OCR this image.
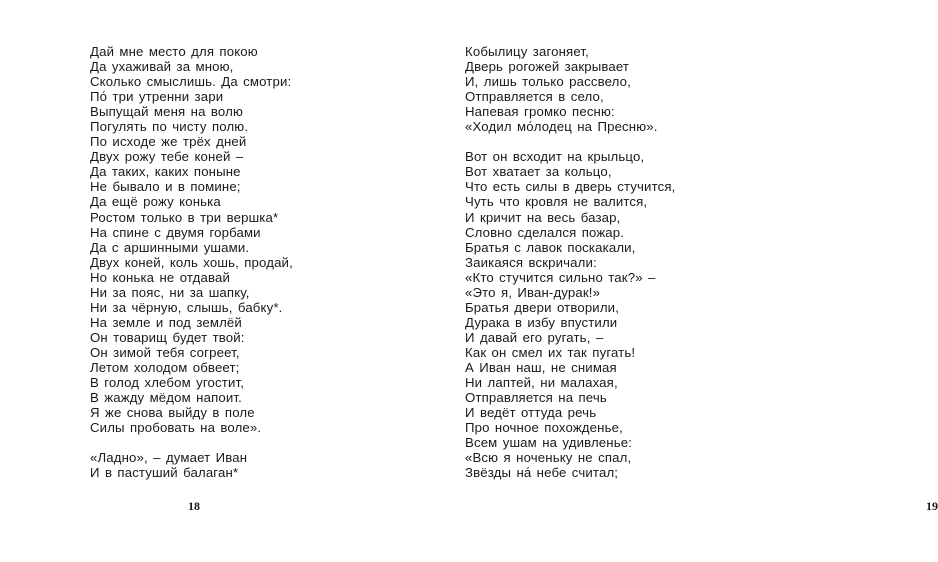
Дай мне место для покою
Да ухаживай за мною,
Сколько смыслишь. Да смотри:
По́ три утренни зари
Выпущай меня на волю
Погулять по чисту полю.
По исходе же трёх дней
Двух рожу тебе коней –
Да таких, каких поныне
Не бывало и в помине;
Да ещё рожу конька
Ростом только в три вершка*
На спине с двумя горбами
Да с аршинными ушами.
Двух коней, коль хошь, продай,
Но конька не отдавай
Ни за пояс, ни за шапку,
Ни за чёрную, слышь, бабку*.
На земле и под землёй
Он товарищ будет твой:
Он зимой тебя согреет,
Летом холодом обвеет;
В голод хлебом угостит,
В жажду мёдом напоит.
Я же снова выйду в поле
Силы пробовать на воле».
«Ладно», – думает Иван
И в пастуший балаган*
18
Кобылицу загоняет,
Дверь рогожей закрывает
И, лишь только рассвело,
Отправляется в село,
Напевая громко песню:
«Ходил мо́лодец на Пресню».
Вот он всходит на крыльцо,
Вот хватает за кольцо,
Что есть силы в дверь стучится,
Чуть что кровля не валится,
И кричит на весь базар,
Словно сделался пожар.
Братья с лавок поскакали,
Заикаяся вскричали:
«Кто стучится сильно так?» –
«Это я, Иван-дурак!»
Братья двери отворили,
Дурака в избу впустили
И давай его ругать, –
Как он смел их так пугать!
А Иван наш, не снимая
Ни лаптей, ни малахая,
Отправляется на печь
И ведёт оттуда речь
Про ночное похожденье,
Всем ушам на удивленье:
«Всю я ноченьку не спал,
Звёзды на́ небе считал;
19
